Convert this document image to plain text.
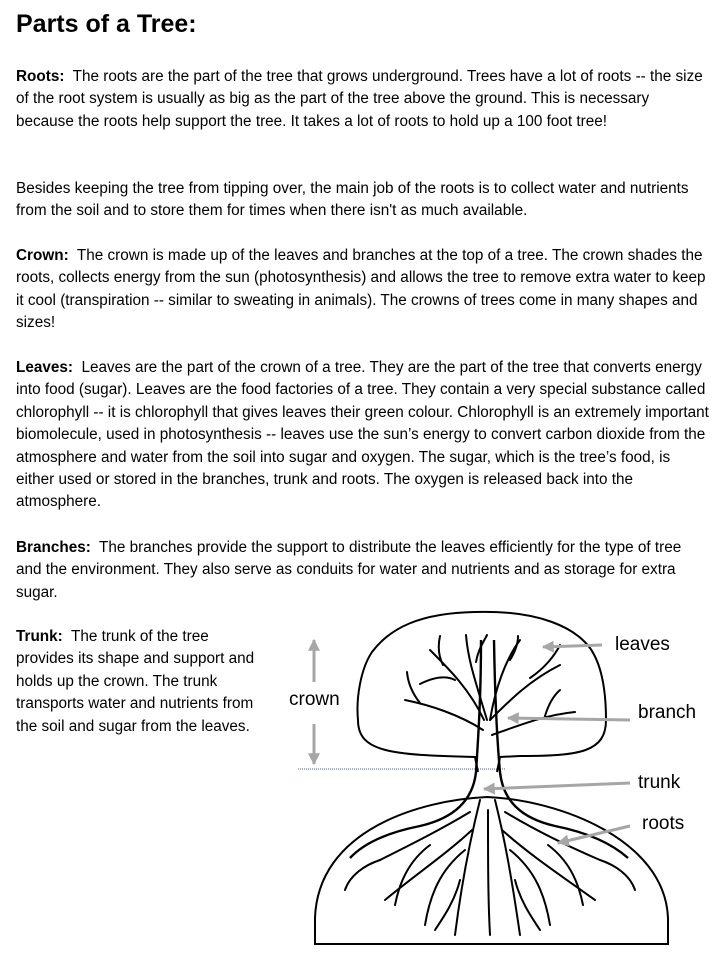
Parts of a Tree:

Roots: The roots are the part of the tree that grows underground. Trees have a lot of roots -- the size of the root system is usually as big as the part of the tree above the ground. This is necessary because the roots help support the tree. It takes a lot of roots to hold up a 100 foot tree!

Besides keeping the tree from tipping over, the main job of the roots is to collect water and nutrients from the soil and to store them for times when there isn't as much available.

Crown: The crown is made up of the leaves and branches at the top of a tree. The crown shades the roots, collects energy from the sun (photosynthesis) and allows the tree to remove extra water to keep it cool (transpiration -- similar to sweating in animals). The crowns of trees come in many shapes and sizes!

Leaves: Leaves are the part of the crown of a tree. They are the part of the tree that converts energy into food (sugar). Leaves are the food factories of a tree. They contain a very special substance called chlorophyll -- it is chlorophyll that gives leaves their green colour. Chlorophyll is an extremely important biomolecule, used in photosynthesis -- leaves use the sun’s energy to convert carbon dioxide from the atmosphere and water from the soil into sugar and oxygen. The sugar, which is the tree’s food, is either used or stored in the branches, trunk and roots. The oxygen is released back into the atmosphere.

Branches: The branches provide the support to distribute the leaves efficiently for the type of tree and the environment. They also serve as conduits for water and nutrients and as storage for extra sugar.

Trunk: The trunk of the tree provides its shape and support and holds up the crown. The trunk transports water and nutrients from the soil and sugar from the leaves.

crown
leaves
branch
trunk
roots
